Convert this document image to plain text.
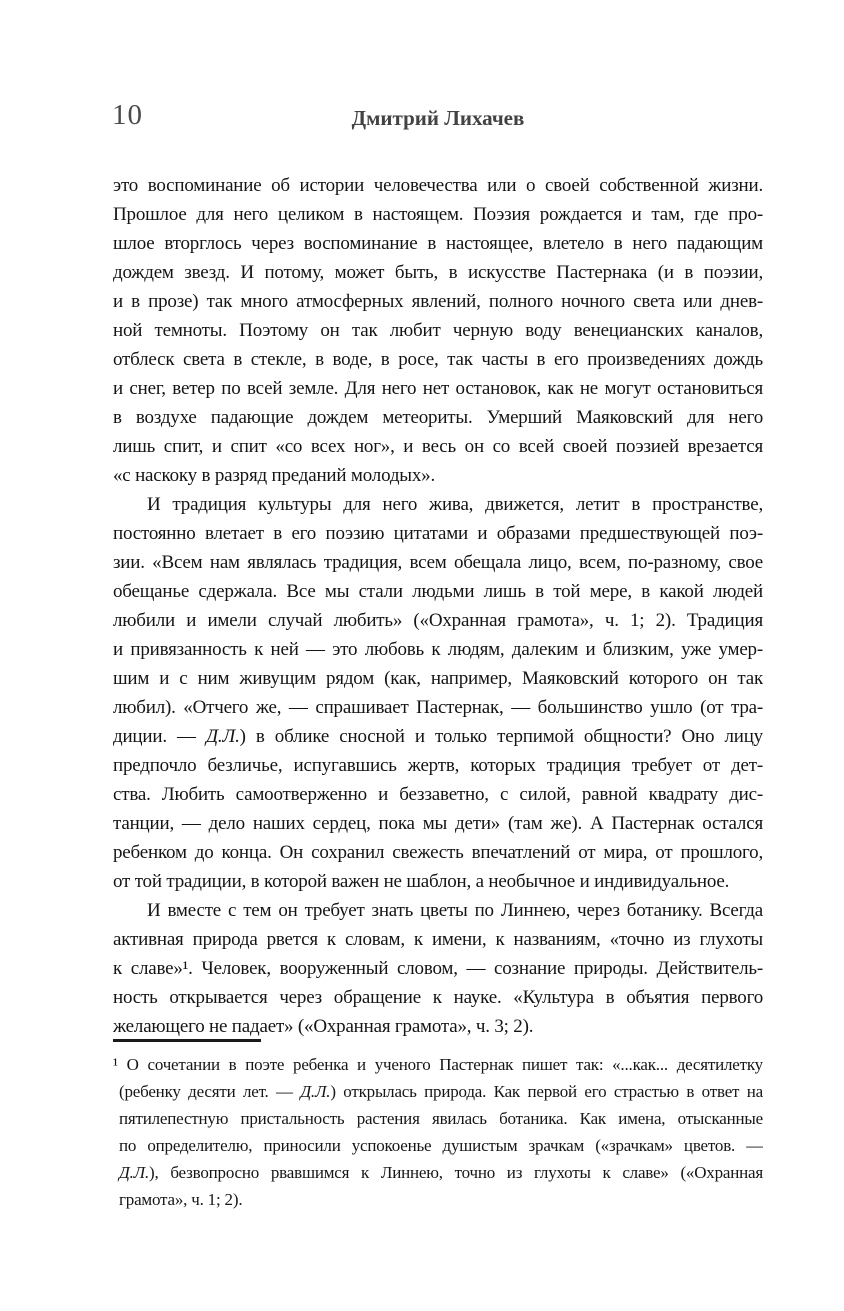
10	Дмитрий Лихачев
это воспоминание об истории человечества или о своей собственной жизни.
Прошлое для него целиком в настоящем. Поэзия рождается и там, где про-
шлое вторглось через воспоминание в настоящее, влетело в него падающим
дождем звезд. И потому, может быть, в искусстве Пастернака (и в поэзии,
и в прозе) так много атмосферных явлений, полного ночного света или днев-
ной темноты. Поэтому он так любит черную воду венецианских каналов,
отблеск света в стекле, в воде, в росе, так часты в его произведениях дождь
и снег, ветер по всей земле. Для него нет остановок, как не могут остановиться
в воздухе падающие дождем метеориты. Умерший Маяковский для него
лишь спит, и спит «со всех ног», и весь он со всей своей поэзией врезается
«с наскоку в разряд преданий молодых».
И традиция культуры для него жива, движется, летит в пространстве,
постоянно влетает в его поэзию цитатами и образами предшествующей поэ-
зии. «Всем нам являлась традиция, всем обещала лицо, всем, по-разному, свое
обещанье сдержала. Все мы стали людьми лишь в той мере, в какой людей
любили и имели случай любить» («Охранная грамота», ч. 1; 2). Традиция
и привязанность к ней — это любовь к людям, далеким и близким, уже умер-
шим и с ним живущим рядом (как, например, Маяковский которого он так
любил). «Отчего же, — спрашивает Пастернак, — большинство ушло (от тра-
диции. — Д.Л.) в облике сносной и только терпимой общности? Оно лицу
предпочло безличье, испугавшись жертв, которых традиция требует от дет-
ства. Любить самоотверженно и беззаветно, с силой, равной квадрату дис-
танции, — дело наших сердец, пока мы дети» (там же). А Пастернак остался
ребенком до конца. Он сохранил свежесть впечатлений от мира, от прошлого,
от той традиции, в которой важен не шаблон, а необычное и индивидуальное.
И вместе с тем он требует знать цветы по Линнею, через ботанику. Всегда
активная природа рвется к словам, к имени, к названиям, «точно из глухоты
к славе»¹. Человек, вооруженный словом, — сознание природы. Действитель-
ность открывается через обращение к науке. «Культура в объятия первого
желающего не падает» («Охранная грамота», ч. 3; 2).
¹ О сочетании в поэте ребенка и ученого Пастернак пишет так: «...как... десятилетку
(ребенку десяти лет. — Д.Л.) открылась природа. Как первой его страстью в ответ на
пятилепестную пристальность растения явилась ботаника. Как имена, отысканные
по определителю, приносили успокоенье душистым зрачкам («зрачкам» цветов. —
Д.Л.), безвопросно рвавшимся к Линнею, точно из глухоты к славе» («Охранная
грамота», ч. 1; 2).
